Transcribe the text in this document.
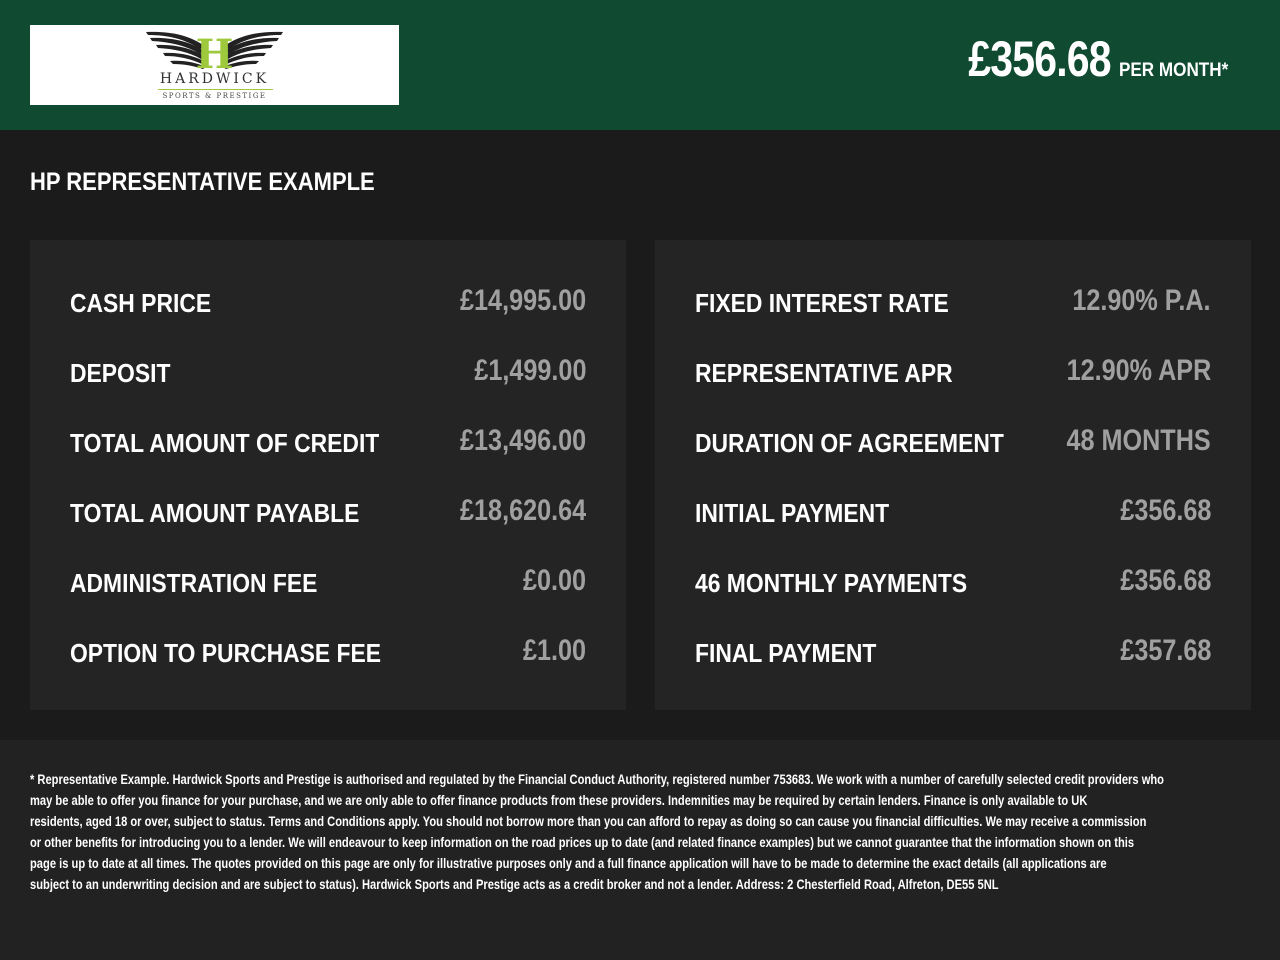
H
HARDWICK
SPORTS & PRESTIGE
£356.68 PER MONTH*
HP REPRESENTATIVE EXAMPLE
CASH PRICE	£14,995.00
DEPOSIT	£1,499.00
TOTAL AMOUNT OF CREDIT	£13,496.00
TOTAL AMOUNT PAYABLE	£18,620.64
ADMINISTRATION FEE	£0.00
OPTION TO PURCHASE FEE	£1.00
FIXED INTEREST RATE	12.90% P.A.
REPRESENTATIVE APR	12.90% APR
DURATION OF AGREEMENT 48 MONTHS
INITIAL PAYMENT	£356.68
46 MONTHLY PAYMENTS	£356.68
FINAL PAYMENT	£357.68
* Representative Example. Hardwick Sports and Prestige is authorised and regulated by the Financial Conduct Authority, registered number 753683. We work with a number of carefully selected credit providers who
may be able to offer you finance for your purchase, and we are only able to offer finance products from these providers. Indemnities may be required by certain lenders. Finance is only available to UK
residents, aged 18 or over, subject to status. Terms and Conditions apply. You should not borrow more than you can afford to repay as doing so can cause you financial difficulties. We may receive a commission
or other benefits for introducing you to a lender. We will endeavour to keep information on the road prices up to date (and related finance examples) but we cannot guarantee that the information shown on this
page is up to date at all times. The quotes provided on this page are only for illustrative purposes only and a full finance application will have to be made to determine the exact details (all applications are
subject to an underwriting decision and are subject to status). Hardwick Sports and Prestige acts as a credit broker and not a lender. Address: 2 Chesterfield Road, Alfreton, DE55 5NL
